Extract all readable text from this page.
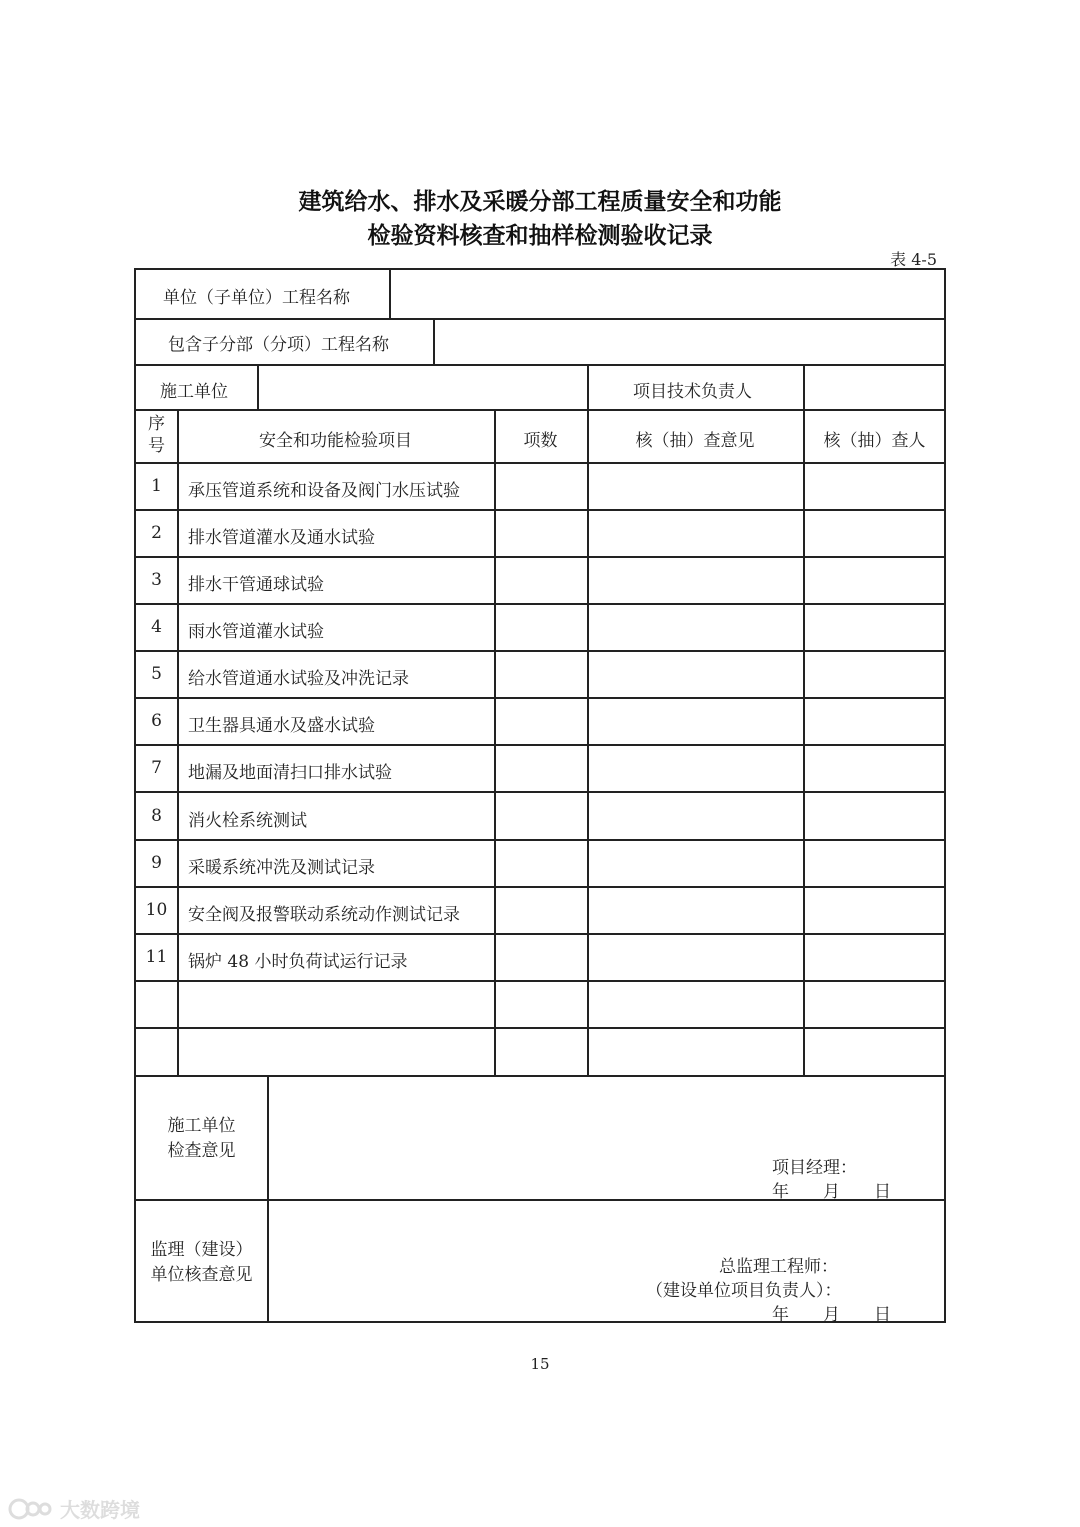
建筑给水、排水及采暖分部工程质量安全和功能
检验资料核查和抽样检测验收记录
表 4-5
单位（子单位）工程名称
包含子分部（分项）工程名称
施工单位	项目技术负责人
序
号	安全和功能检验项目	项数	核（抽）查意见	核（抽）查人
1	承压管道系统和设备及阀门水压试验
2	排水管道灌水及通水试验
3	排水干管通球试验
4	雨水管道灌水试验
5	给水管道通水试验及冲洗记录
6	卫生器具通水及盛水试验
7	地漏及地面清扫口排水试验
8	消火栓系统测试
9	采暖系统冲洗及测试记录
10	安全阀及报警联动系统动作测试记录
11	锅炉 48 小时负荷试运行记录
施工单位
检查意见
项目经理：
年　　月　　日
监理（建设）
单位核查意见	总监理工程师：
（建设单位项目负责人）：
年　　月　　日
15
大数跨境
